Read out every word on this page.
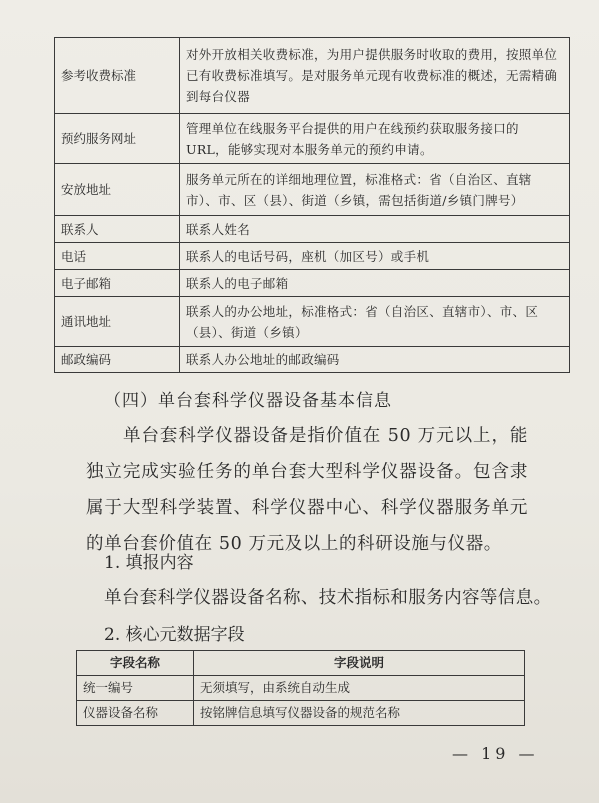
参考收费标准	对外开放相关收费标准，为用户提供服务时收取的费用，按照单位已有收费标准填写。是对服务单元现有收费标准的概述，无需精确到每台仪器
预约服务网址	管理单位在线服务平台提供的用户在线预约获取服务接口的 URL，能够实现对本服务单元的预约申请。
安放地址	服务单元所在的详细地理位置，标准格式：省（自治区、直辖市）、市、区（县）、街道（乡镇，需包括街道/乡镇门牌号）
联系人	联系人姓名
电话	联系人的电话号码，座机（加区号）或手机
电子邮箱	联系人的电子邮箱
通讯地址	联系人的办公地址，标准格式：省（自治区、直辖市）、市、区（县）、街道（乡镇）
邮政编码	联系人办公地址的邮政编码
（四）单台套科学仪器设备基本信息
单台套科学仪器设备是指价值在 50 万元以上，能独立完成实验任务的单台套大型科学仪器设备。包含隶属于大型科学装置、科学仪器中心、科学仪器服务单元的单台套价值在 50 万元及以上的科研设施与仪器。
1. 填报内容
单台套科学仪器设备名称、技术指标和服务内容等信息。
2. 核心元数据字段
字段名称	字段说明
统一编号	无须填写，由系统自动生成
仪器设备名称	按铭牌信息填写仪器设备的规范名称
— 19 —
